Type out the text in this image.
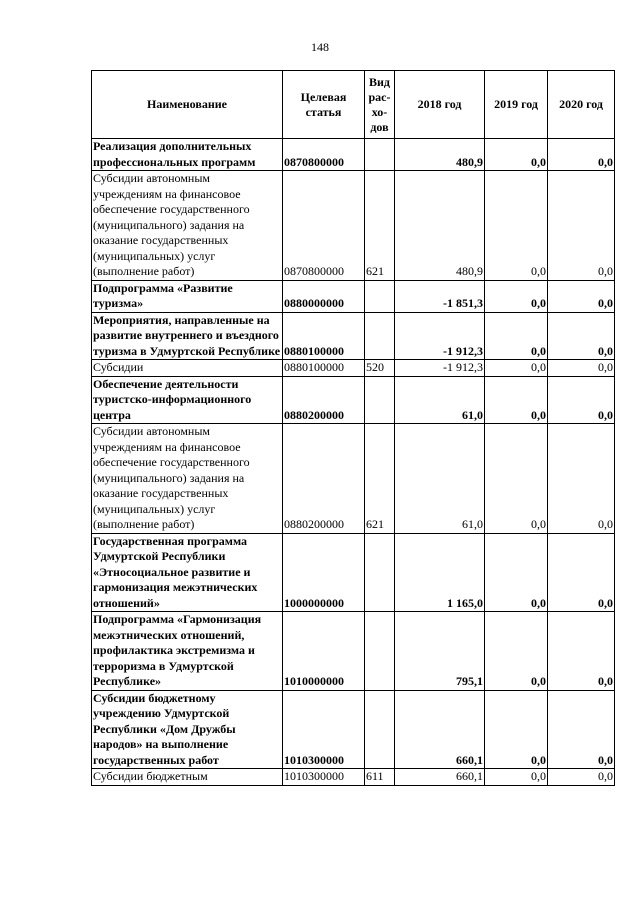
148
Наименование	Целевая статья	Вид рас-хо-дов	2018 год	2019 год	2020 год
Реализация дополнительных профессиональных программ	0870800000		480,9	0,0	0,0
Субсидии автономным учреждениям на финансовое обеспечение государственного (муниципального) задания на оказание государственных (муниципальных) услуг (выполнение работ)	0870800000	621	480,9	0,0	0,0
Подпрограмма «Развитие туризма»	0880000000		-1 851,3	0,0	0,0
Мероприятия, направленные на развитие внутреннего и въездного туризма в Удмуртской Республике	0880100000		-1 912,3	0,0	0,0
Субсидии	0880100000	520	-1 912,3	0,0	0,0
Обеспечение деятельности туристско-информационного центра	0880200000		61,0	0,0	0,0
Субсидии автономным учреждениям на финансовое обеспечение государственного (муниципального) задания на оказание государственных (муниципальных) услуг (выполнение работ)	0880200000	621	61,0	0,0	0,0
Государственная программа Удмуртской Республики «Этносоциальное развитие и гармонизация межэтнических отношений»	1000000000		1 165,0	0,0	0,0
Подпрограмма «Гармонизация межэтнических отношений, профилактика экстремизма и терроризма в Удмуртской Республике»	1010000000		795,1	0,0	0,0
Субсидии бюджетному учреждению Удмуртской Республики «Дом Дружбы народов» на выполнение государственных работ	1010300000		660,1	0,0	0,0
Субсидии бюджетным	1010300000	611	660,1	0,0	0,0
